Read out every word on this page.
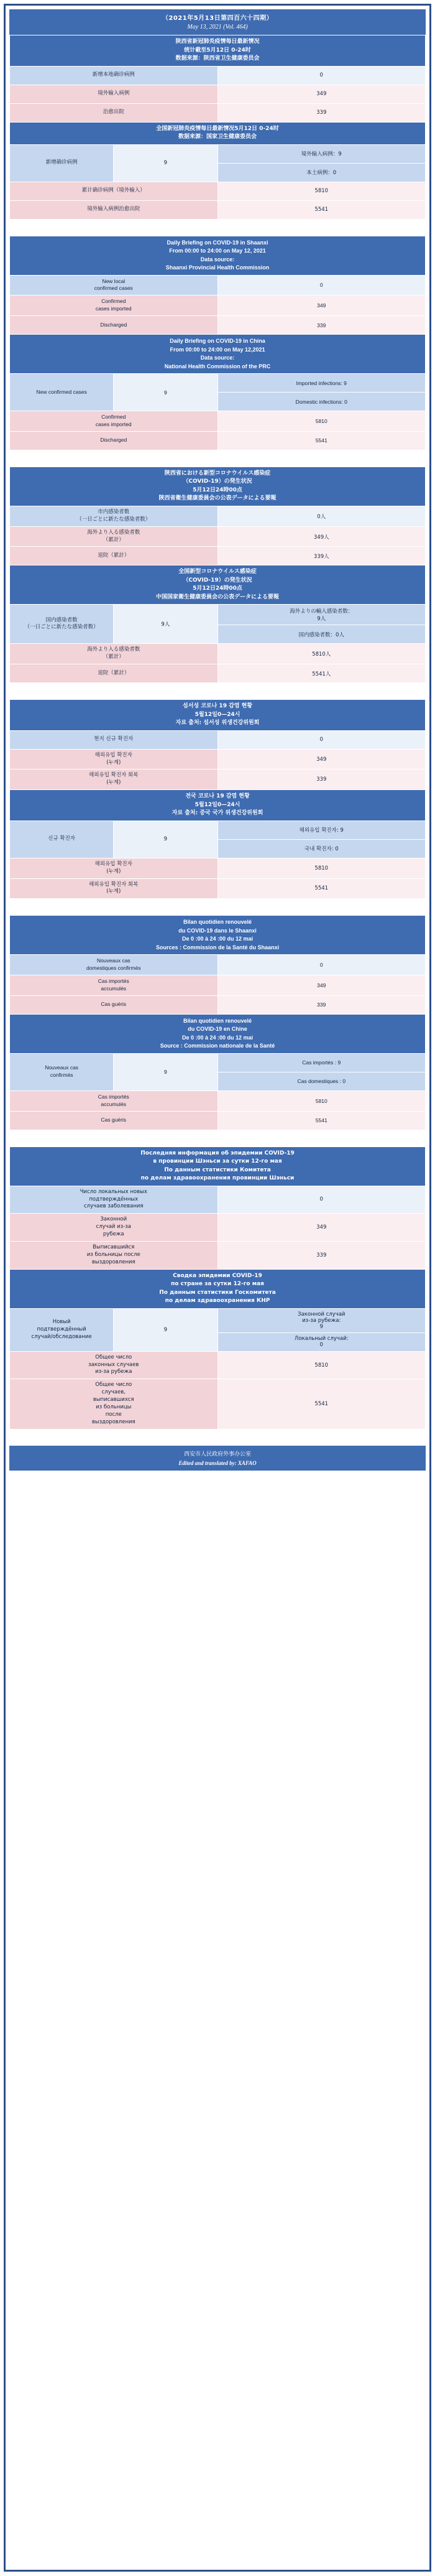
（2021年5月13日第四百六十四期）
May 13, 2021 (Vol. 464)
陕西省新冠肺炎疫情每日最新情况
统计截至5月12日 0-24时
数据来源：陕西省卫生健康委员会		
新增本地确诊病例		0
境外输入病例		349
治愈出院		339
全国新冠肺炎疫情每日最新情况5月12日 0-24时
数据来源：国家卫生健康委员会		
新增确诊病例	9	境外输入病例：9
		本土病例：0
累计确诊病例（境外输入）		5810
境外输入病例治愈出院		5541
Daily Briefing on COVID-19 in Shaanxi
From 00:00 to 24:00 on May 12, 2021
Data source:
Shaanxi Provincial Health Commission		
New local
confirmed cases		0
Confirmed
cases imported		349
Discharged		339
Daily Briefing on COVID-19 in China
From 00:00 to 24:00 on May 12,2021
Data source:
National Health Commission of the PRC		
New confirmed cases	9	Imported infections: 9
		Domestic infections: 0
Confirmed
cases imported		5810
Discharged		5541
陝西省における新型コロナウイルス感染症
（COVID-19）の発生状況
5月12日24時00点
陝西省衛生健康委員会の公表データによる要報		
市内感染者数
（一日ごとに新たな感染者数）		0人
海外より入る感染者数
（累計）		349人
退院（累計）		339人
全国新型コロナウイルス感染症
（COVID-19）の発生状況
5月12日24時00点
中国国家衛生健康委員会の公表データによる要報		
国内感染者数
（一日ごとに新たな感染者数）	9人	海外よりの輸入感染者数：
9人
		国内感染者数：0人
海外より入る感染者数
（累計）		5810人
退院（累計）		5541人
섬서성 코로나 19 감염 현황
5월12일0—24시
자료 출처: 섬서성 위생건강위원회		
현지 신규 확진자		0
해외유입 확진자
(누계)		349
해외유입 확진자 회복
(누계)		339
전국 코로나 19 감염 현황
5월12일0—24시
자료 출처: 중국 국가 위생건강위원회		
신규 확진자	9	해외유입 확진자: 9
		국내 확진자: 0
해외유입 확진자
(누계)		5810
해외유입 확진자 회복
(누계)		5541
Bilan quotidien renouvelé
du COVID-19 dans le Shaanxi
De 0 :00 à 24 :00 du 12 mai
Sources : Commission de la Santé du Shaanxi		
Nouveaux cas
domestiques confirmés		0
Cas importés
accumulés		349
Cas guéris		339
Bilan quotidien renouvelé
du COVID-19 en Chine
De 0 :00 à 24 :00 du 12 mai
Source : Commission nationale de la Santé		
Nouveaux cas
confirmés	9	Cas importés : 9
		Cas domestiques : 0
Cas importés
accumulés		5810
Cas guéris		5541
Последняя информация об эпидемии COVID-19
в провинции Шэньси за сутки 12-го мая
По данным статистики Комитета
по делам здравоохранения провинции Шэньси		
Число локальных новых
подтверждённых
случаев заболевания		0
Законной
случай из-за
рубежа		349
Выписавшийся
из больницы после
выздоровления		339
Сводка эпидемии COVID-19
по стране за сутки 12-го мая
По данным статистики Госкомитета
по делам здравоохранения КНР		
Новый
подтверждённый
случай/обследование	9	Законной случай
из-за рубежа:
9
		Локальный случай:
0
Общее число
законных случаев
из-за рубежа		5810
Общее число
случаев,
выписавшихся
из больницы
после
выздоровления	5541
西安市人民政府外事办公室
Edited and translated by: XAFAO
